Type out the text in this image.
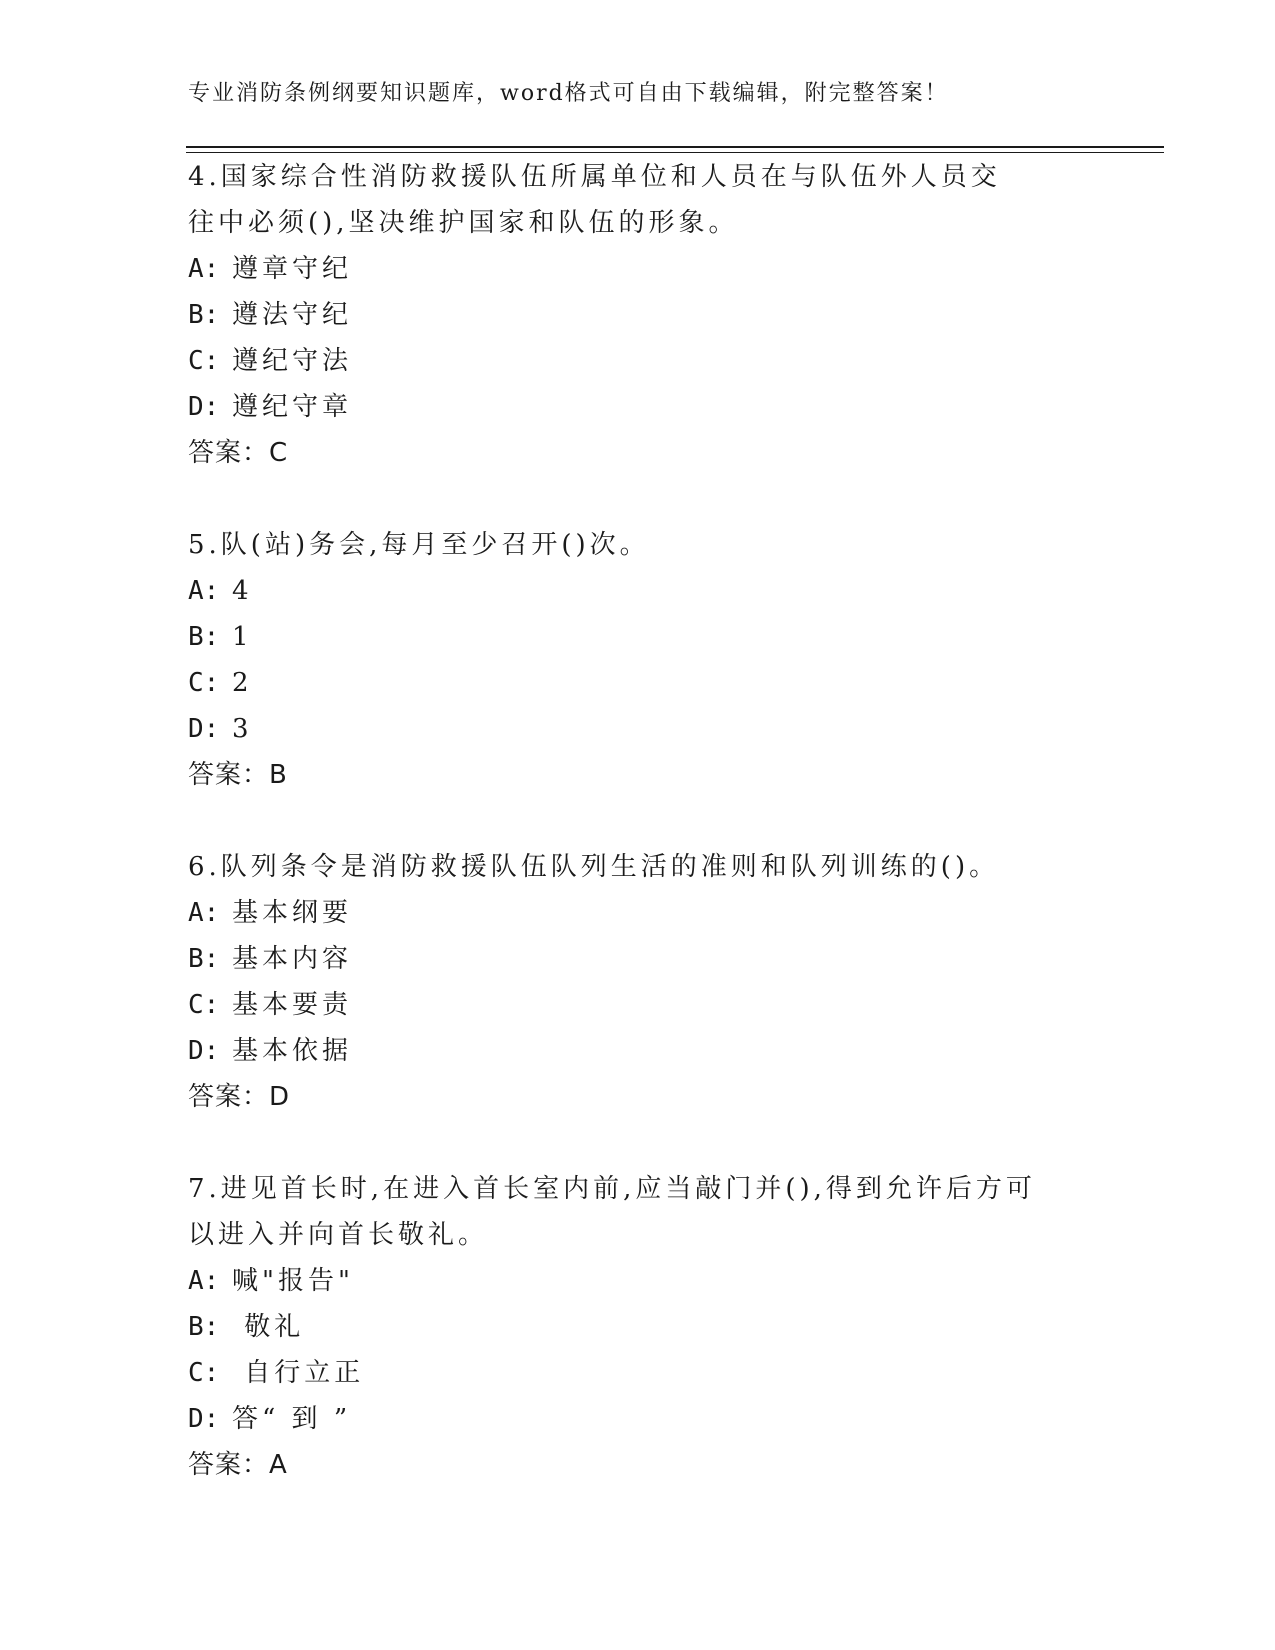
专业消防条例纲要知识题库，word格式可自由下载编辑，附完整答案！

4.国家综合性消防救援队伍所属单位和人员在与队伍外人员交往中必须(),坚决维护国家和队伍的形象。

A: 遵章守纪
B: 遵法守纪
C: 遵纪守法
D: 遵纪守章
答案：C

5.队(站)务会,每月至少召开()次。

A: 4
B: 1
C: 2
D: 3
答案：B

6.队列条令是消防救援队伍队列生活的准则和队列训练的()。

A: 基本纲要
B: 基本内容
C: 基本要责
D: 基本依据
答案：D

7.进见首长时,在进入首长室内前,应当敲门并(),得到允许后方可以进入并向首长敬礼。

A: 喊"报告"
B: 敬礼
C: 自行立正
D: 答“ 到 ”
答案：A
